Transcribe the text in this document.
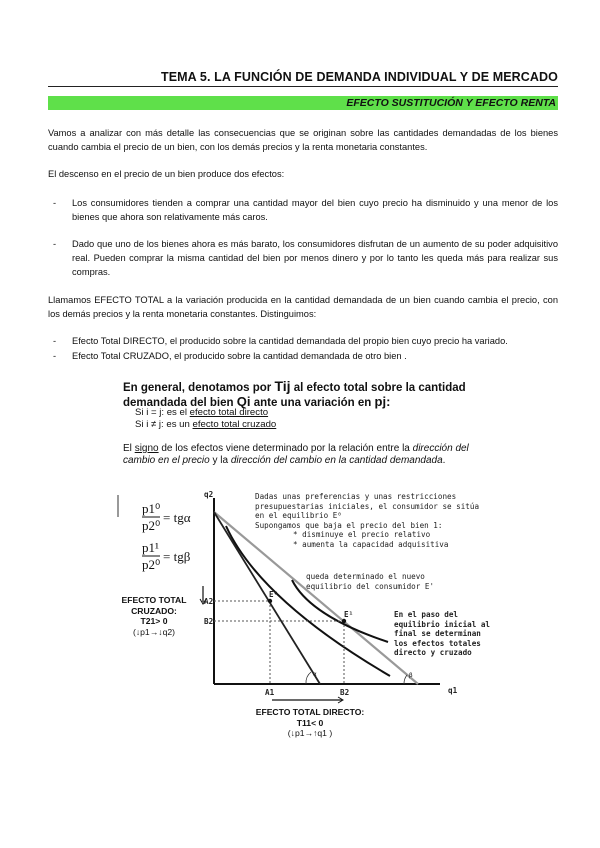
TEMA 5. LA FUNCIÓN DE DEMANDA INDIVIDUAL Y DE MERCADO
EFECTO SUSTITUCIÓN Y EFECTO RENTA

Vamos a analizar con más detalle las consecuencias que se originan sobre las cantidades demandadas de los bienes cuando cambia el precio de un bien, con los demás precios y la renta monetaria constantes.

El descenso en el precio de un bien produce dos efectos:

- Los consumidores tienden a comprar una cantidad mayor del bien cuyo precio ha disminuido y una menor de los bienes que ahora son relativamente más caros.
- Dado que uno de los bienes ahora es más barato, los consumidores disfrutan de un aumento de su poder adquisitivo real. Pueden comprar la misma cantidad del bien por menos dinero y por lo tanto les queda más para realizar sus compras.

Llamamos EFECTO TOTAL a la variación producida en la cantidad demandada de un bien cuando cambia el precio, con los demás precios y la renta monetaria constantes. Distinguimos:

- Efecto Total DIRECTO, el producido sobre la cantidad demandada del propio bien cuyo precio ha variado.
- Efecto Total CRUZADO, el producido sobre la cantidad demandada de otro bien .
En general, denotamos por Tij al efecto total sobre la cantidad
demandada del bien Qi ante una variación en pj:
Si i = j: es el efecto total directo
Si i ≠ j: es un efecto total cruzado
El signo de los efectos viene determinado por la relación entre la dirección del cambio en el precio y la dirección del cambio en la cantidad demandada.
p1⁰
p2⁰
= tgα
p1¹
p2⁰
= tgβ
q2
q1
A2
B2
A1	B2
E⁰
E¹
α	β
Dadas unas preferencias y unas restricciones
presupuestarias iniciales, el consumidor se sitúa
en el equilibrio E⁰
Supongamos que baja el precio del bien 1:
* disminuye el precio relativo
* aumenta la capacidad adquisitiva
queda determinado el nuevo
equilibrio del consumidor E'
En el paso del
equilibrio inicial al
final se determinan
los efectos totales
directo y cruzado
EFECTO TOTAL
CRUZADO:
T21> 0
(↓p1→↓q2)
EFECTO TOTAL DIRECTO:
T11< 0
(↓p1→↑q1 )
